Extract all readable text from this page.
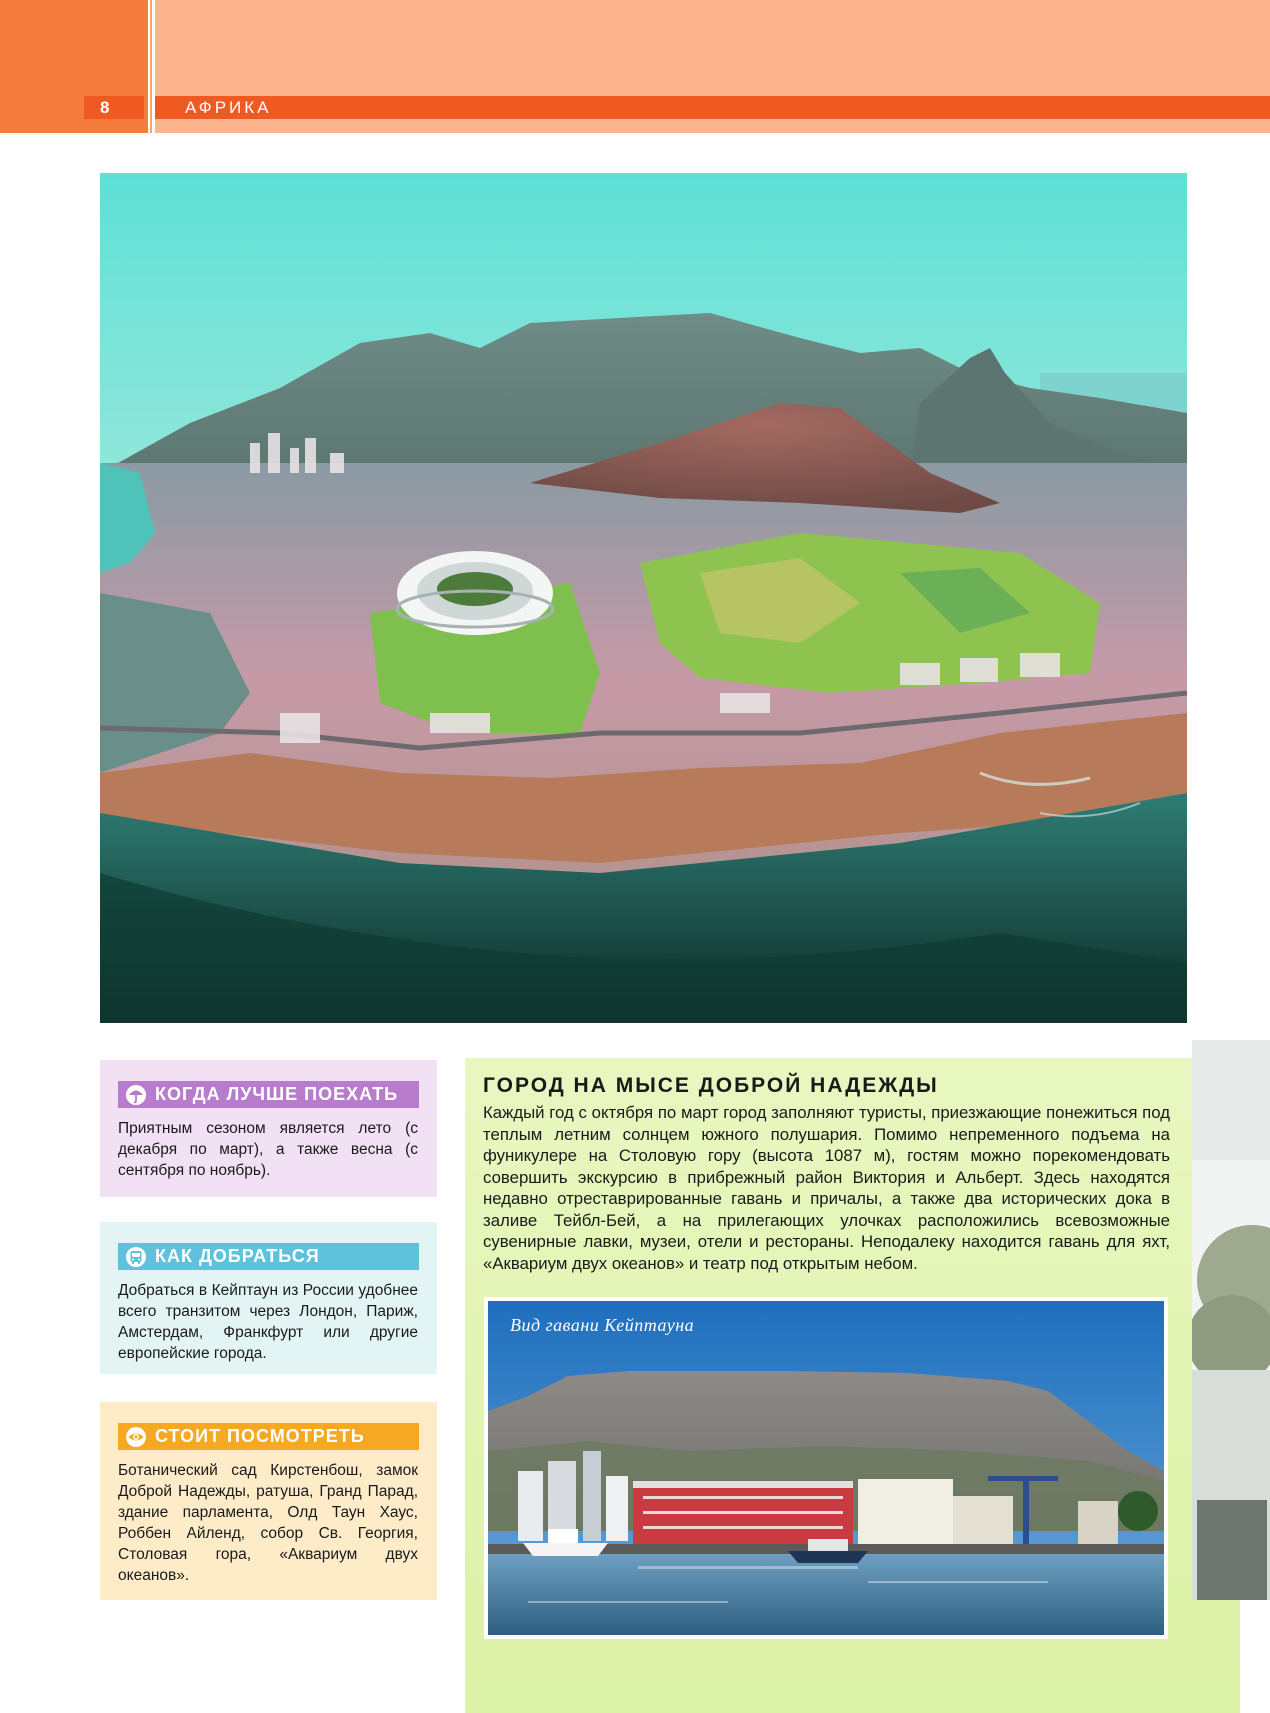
8	АФРИКА
КОГДА ЛУЧШЕ ПОЕХАТЬ

Приятным сезоном является лето (с декабря по март), а также весна (с сентября по ноябрь).

КАК ДОБРАТЬСЯ

Добраться в Кейптаун из России удобнее всего транзитом через Лондон, Париж, Амстердам, Франкфурт или другие европейские города.

СТОИТ ПОСМОТРЕТЬ

Ботанический сад Кирстенбош, замок Доброй Надежды, ратуша, Гранд Парад, здание парламента, Олд Таун Хаус, Роббен Айленд, собор Св. Георгия, Столовая гора, «Аквариум двух океанов».

ГОРОД НА МЫСЕ ДОБРОЙ НАДЕЖДЫ

Каждый год с октября по март город заполняют туристы, приезжающие понежиться под теплым летним солнцем южного полушария. Помимо непременного подъема на фуникулере на Столовую гору (высота 1087 м), гостям можно порекомендовать совершить экскурсию в прибрежный район Виктория и Альберт. Здесь находятся недавно отреставрированные гавань и причалы, а также два исторических дока в заливе Тейбл-Бей, а на прилегающих улочках расположились всевозможные сувенирные лавки, музеи, отели и рестораны. Неподалеку находится гавань для яхт, «Аквариум двух океанов» и театр под открытым небом.

Вид гавани Кейптауна
